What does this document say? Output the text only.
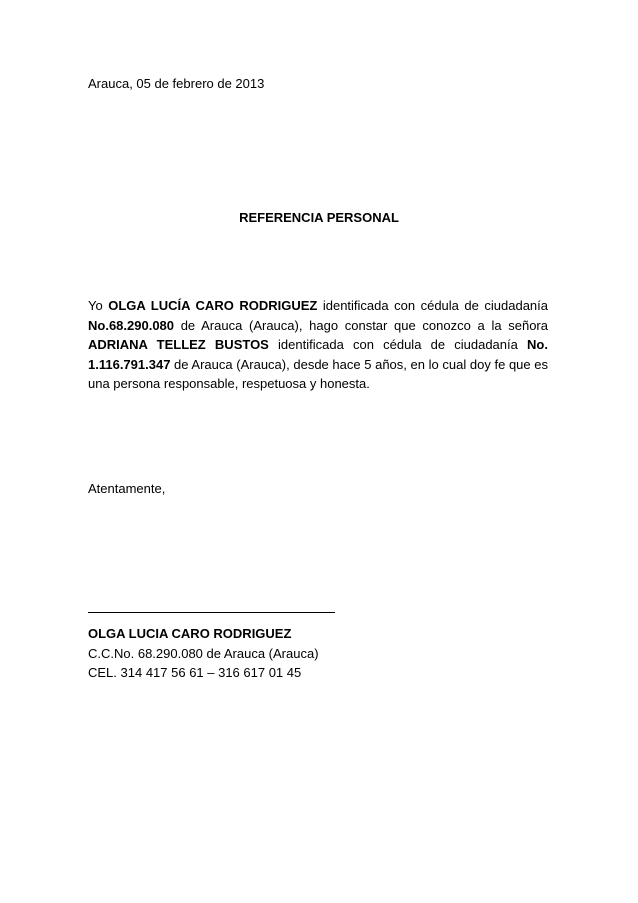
Arauca, 05 de febrero de 2013
REFERENCIA PERSONAL
Yo OLGA LUCÍA CARO RODRIGUEZ identificada con cédula de ciudadanía No.68.290.080 de Arauca (Arauca), hago constar que conozco a la señora ADRIANA TELLEZ BUSTOS identificada con cédula de ciudadanía No. 1.116.791.347 de Arauca (Arauca), desde hace 5 años, en lo cual doy fe que es una persona responsable, respetuosa y honesta.
Atentamente,
OLGA LUCIA CARO RODRIGUEZ
C.C.No. 68.290.080 de Arauca (Arauca)
CEL. 314 417 56 61 – 316 617 01 45
